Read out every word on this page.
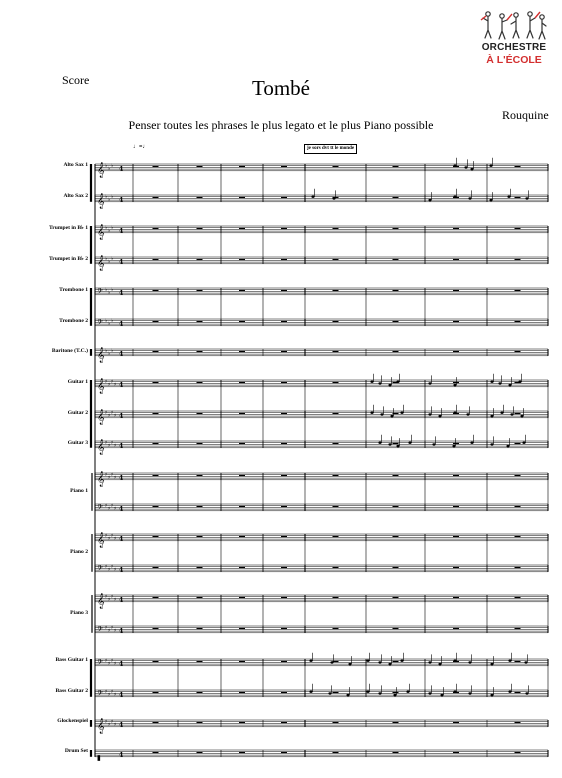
ORCHESTRE
À L'ÉCOLE
Score	Tombé
Penser toutes les phrases le plus legato et le plus Piano possible
Rouquine
𝄞 ♭ ♭ ♭ 4
𝄞 ♭ ♭ ♭ 4
𝄞 ♭ ♭ ♭ 4
𝄞 ♭ ♭ ♭ 4
𝄢 ♭ ♭ ♭ 4
𝄢 ♭ ♭ ♭ 4
𝄞 ♭ ♭ ♭ 4
𝄞 ♯ ♯ ♯ ♯ 4
𝄞 ♯ ♯ ♯ ♯ 4
𝄞 ♯ ♯ ♯ ♯ 4
𝄞 ♯ ♯ ♯ ♯ 4
𝄢 ♯ ♯ ♯ ♯ 4
𝄞 ♯ ♯ ♯ ♯ 4
𝄢 ♯ ♯ ♯ ♯ 4
𝄞 ♯ ♯ ♯ ♯ 4
𝄢 ♯ ♯ ♯ ♯ 4
𝄢 ♯ ♯ ♯ ♯ 4
𝄢 ♯ ♯ ♯ ♯ 4
𝄞 ♯ ♯ ♯ ♯ 4
▮	4
♩=♩	je sors dvt tt le monde
Alto Sax 1
Alto Sax 2
Trumpet in B♭ 1
Trumpet in B♭ 2
Trombone 1
Trombone 2
Baritone (T.C.)
Guitar 1
Guitar 2
Guitar 3
Piano 1
Piano 2
Piano 3
Bass Guitar 1
Bass Guitar 2
Glockenspiel
Drum Set
